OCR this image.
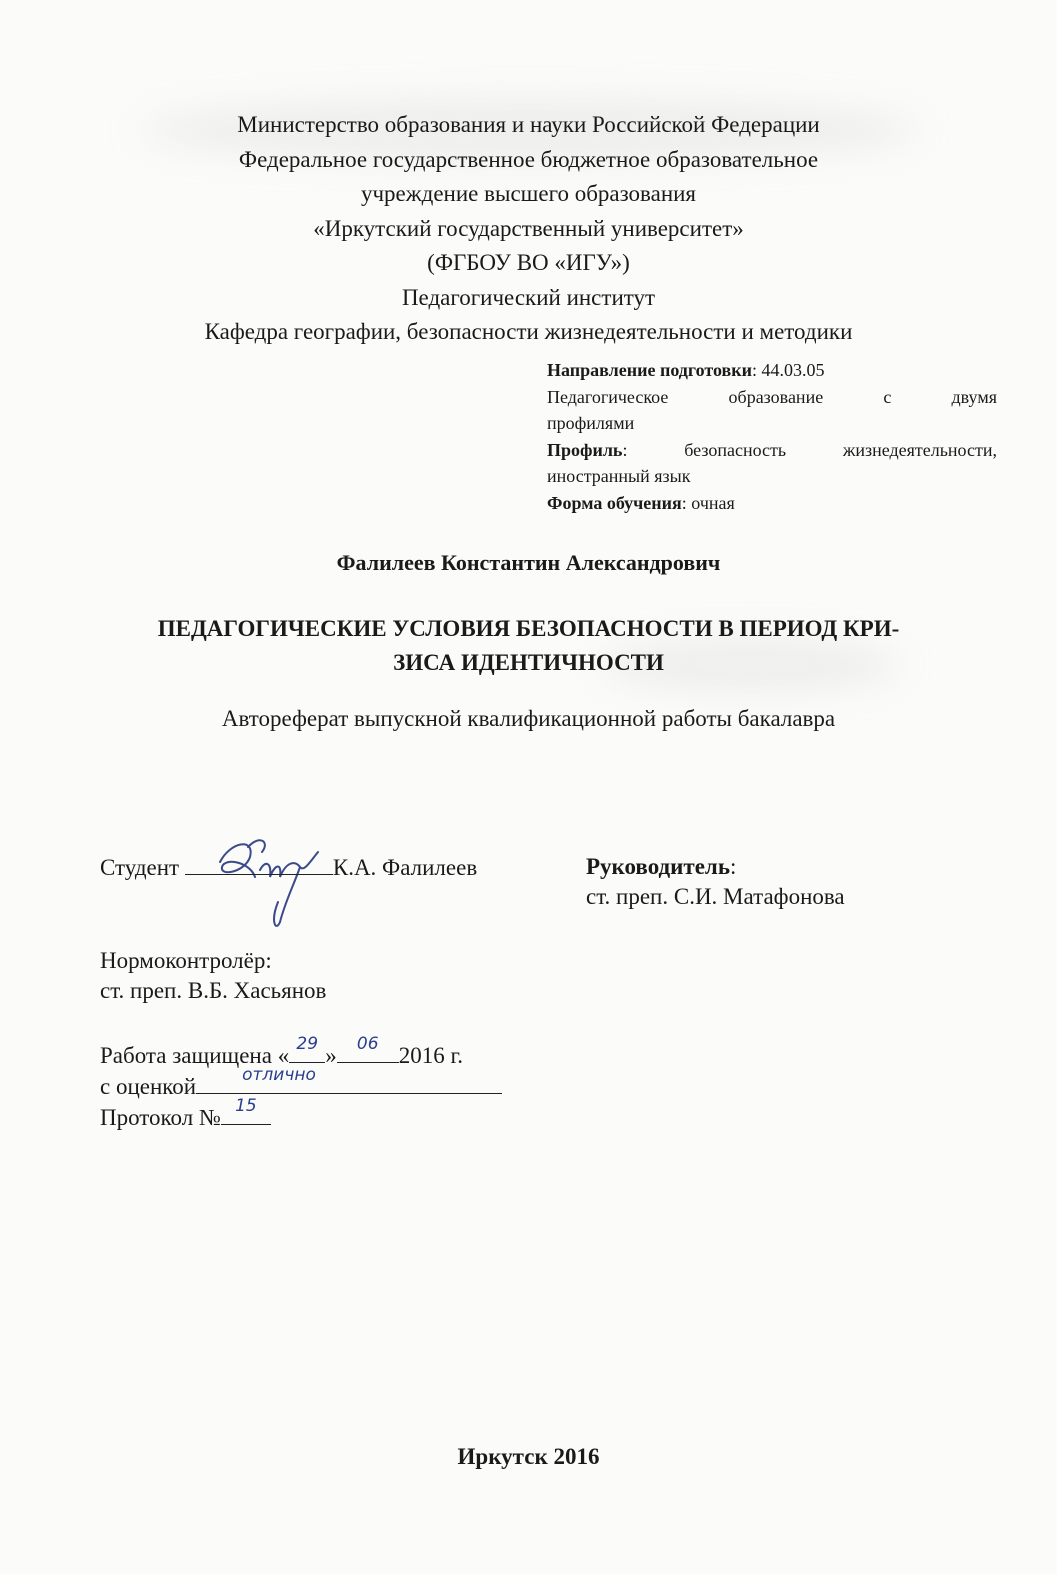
Министерство образования и науки Российской Федерации
Федеральное государственное бюджетное образовательное
учреждение высшего образования
«Иркутский государственный университет»
(ФГБОУ ВО «ИГУ»)
Педагогический институт
Кафедра географии, безопасности жизнедеятельности и методики
Направление подготовки: 44.03.05
Педагогическое	образование	с	двумя
профилями
Профиль:	безопасность	жизнедеятельности,
иностранный язык
Форма обучения: очная
Фалилеев Константин Александрович
ПЕДАГОГИЧЕСКИЕ УСЛОВИЯ БЕЗОПАСНОСТИ В ПЕРИОД КРИ-
ЗИСА ИДЕНТИЧНОСТИ
Автореферат выпускной квалификационной работы бакалавра
Студент	К.А. Фалилеев	Руководитель:
ст. преп. С.И. Матафонова
Нормоконтролёр:
ст. преп. В.Б. Хасьянов
Работа защищена « 29 »	06 2016 г.
с оценкой	отлично
Протокол № 15
Иркутск 2016
